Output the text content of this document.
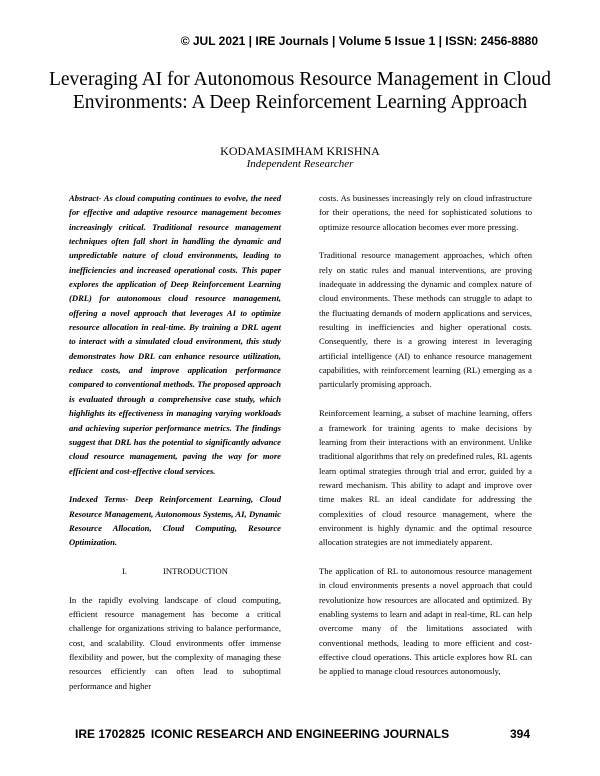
© JUL 2021 | IRE Journals | Volume 5 Issue 1 | ISSN: 2456-8880
Leveraging AI for Autonomous Resource Management in Cloud Environments: A Deep Reinforcement Learning Approach
KODAMASIMHAM KRISHNA
Independent Researcher

Abstract- As cloud computing continues to evolve, the need for effective and adaptive resource management becomes increasingly critical. Traditional resource management techniques often fall short in handling the dynamic and unpredictable nature of cloud environments, leading to inefficiencies and increased operational costs. This paper explores the application of Deep Reinforcement Learning (DRL) for autonomous cloud resource management, offering a novel approach that leverages AI to optimize resource allocation in real-time. By training a DRL agent to interact with a simulated cloud environment, this study demonstrates how DRL can enhance resource utilization, reduce costs, and improve application performance compared to conventional methods. The proposed approach is evaluated through a comprehensive case study, which highlights its effectiveness in managing varying workloads and achieving superior performance metrics. The findings suggest that DRL has the potential to significantly advance cloud resource management, paving the way for more efficient and cost-effective cloud services.

Indexed Terms- Deep Reinforcement Learning, Cloud Resource Management, Autonomous Systems, AI, Dynamic Resource Allocation, Cloud Computing, Resource Optimization.

I.	INTRODUCTION

In the rapidly evolving landscape of cloud computing, efficient resource management has become a critical challenge for organizations striving to balance performance, cost, and scalability. Cloud environments offer immense flexibility and power, but the complexity of managing these resources efficiently can often lead to suboptimal performance and higher

costs. As businesses increasingly rely on cloud infrastructure for their operations, the need for sophisticated solutions to optimize resource allocation becomes ever more pressing.

Traditional resource management approaches, which often rely on static rules and manual interventions, are proving inadequate in addressing the dynamic and complex nature of cloud environments. These methods can struggle to adapt to the fluctuating demands of modern applications and services, resulting in inefficiencies and higher operational costs. Consequently, there is a growing interest in leveraging artificial intelligence (AI) to enhance resource management capabilities, with reinforcement learning (RL) emerging as a particularly promising approach.

Reinforcement learning, a subset of machine learning, offers a framework for training agents to make decisions by learning from their interactions with an environment. Unlike traditional algorithms that rely on predefined rules, RL agents learn optimal strategies through trial and error, guided by a reward mechanism. This ability to adapt and improve over time makes RL an ideal candidate for addressing the complexities of cloud resource management, where the environment is highly dynamic and the optimal resource allocation strategies are not immediately apparent.

The application of RL to autonomous resource management in cloud environments presents a novel approach that could revolutionize how resources are allocated and optimized. By enabling systems to learn and adapt in real-time, RL can help overcome many of the limitations associated with conventional methods, leading to more efficient and cost-effective cloud operations. This article explores how RL can be applied to manage cloud resources autonomously,

IRE 1702825 ICONIC RESEARCH AND ENGINEERING JOURNALS	394
